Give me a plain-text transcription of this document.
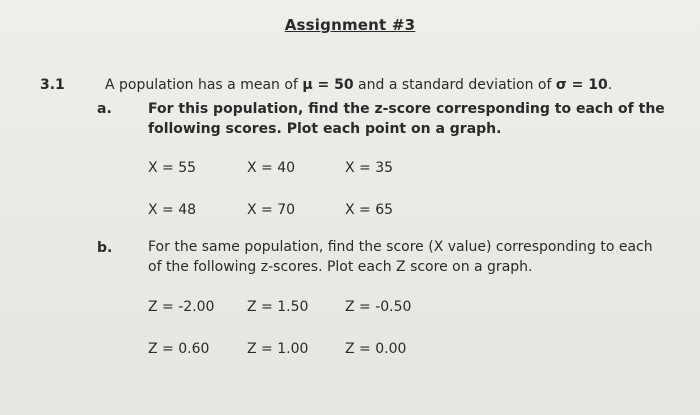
Assignment #3
3.1	A population has a mean of μ = 50 and a standard deviation of σ = 10.
a.	For this population, find the z-score corresponding to each of the
following scores. Plot each point on a graph.
X = 55	X = 40	X = 35
X = 48	X = 70	X = 65
b.	For the same population, find the score (X value) corresponding to each
of the following z-scores. Plot each Z score on a graph.
Z = -2.00 Z = 1.50	Z = -0.50
Z = 0.60	Z = 1.00	Z = 0.00
